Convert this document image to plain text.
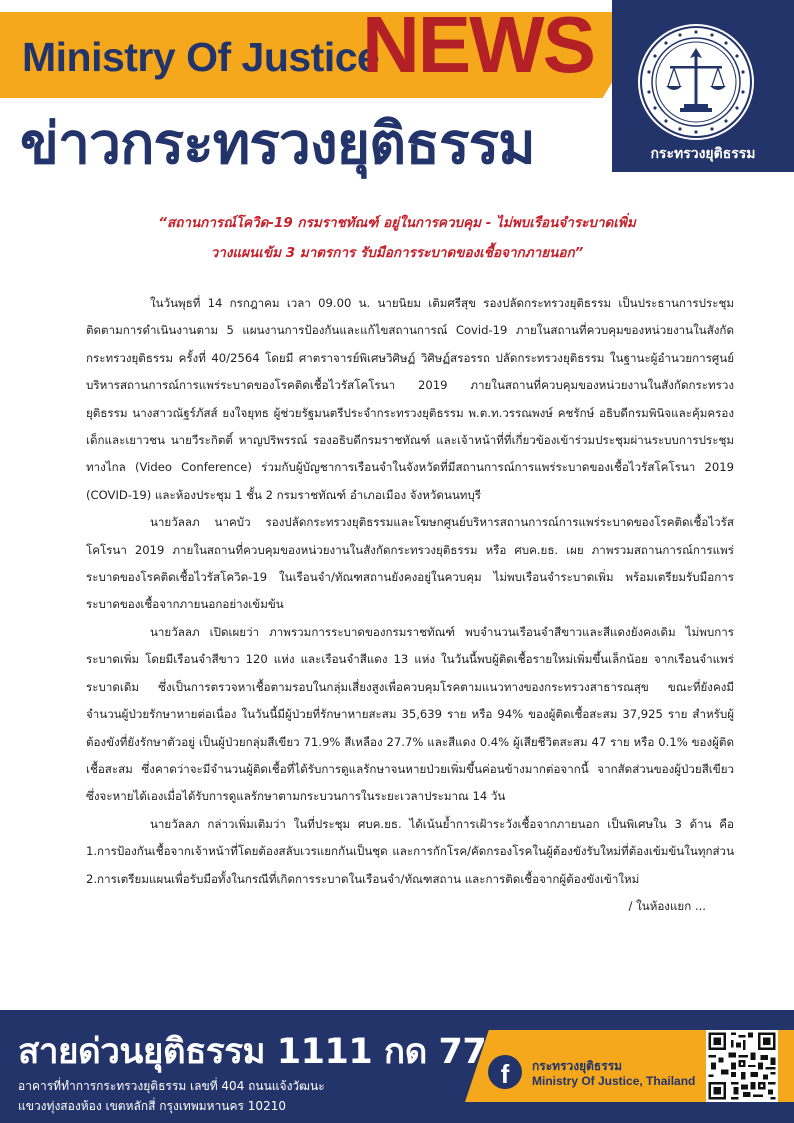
Ministry Of Justice
NEWS
ข่าวกระทรวงยุติธรรม	กระทรวงยุติธรรม
“สถานการณ์โควิด-19 กรมราชทัณฑ์ อยู่ในการควบคุม - ไม่พบเรือนจำระบาดเพิ่ม
วางแผนเข้ม 3 มาตรการ รับมือการระบาดของเชื้อจากภายนอก”

ในวันพุธที่ 14 กรกฎาคม เวลา 09.00 น. นายนิยม เติมศรีสุข รองปลัดกระทรวงยุติธรรม เป็นประธานการประชุมติดตามการดำเนินงานตาม 5 แผนงานการป้องกันและแก้ไขสถานการณ์ Covid-19 ภายในสถานที่ควบคุมของหน่วยงานในสังกัดกระทรวงยุติธรรม ครั้งที่ 40/2564 โดยมี ศาตราจารย์พิเศษวิศิษฏ์ วิศิษฏ์สรอรรถ ปลัดกระทรวงยุติธรรม ในฐานะผู้อำนวยการศูนย์บริหารสถานการณ์การแพร่ระบาดของโรคติดเชื้อไวรัสโคโรนา 2019 ภายในสถานที่ควบคุมของหน่วยงานในสังกัดกระทรวงยุติธรรม นางสาวณัฐร์ภัสส์ ยงใจยุทธ ผู้ช่วยรัฐมนตรีประจำกระทรวงยุติธรรม พ.ต.ท.วรรณพงษ์ คชรักษ์ อธิบดีกรมพินิจและคุ้มครองเด็กและเยาวชน นายวีระกิตติ์ หาญปริพรรณ์ รองอธิบดีกรมราชทัณฑ์ และเจ้าหน้าที่ที่เกี่ยวข้องเข้าร่วมประชุมผ่านระบบการประชุมทางไกล (Video Conference) ร่วมกับผู้บัญชาการเรือนจำในจังหวัดที่มีสถานการณ์การแพร่ระบาดของเชื้อไวรัสโคโรนา 2019 (COVID-19) และห้องประชุม 1 ชั้น 2 กรมราชทัณฑ์ อำเภอเมือง จังหวัดนนทบุรี

นายวัลลภ นาคบัว รองปลัดกระทรวงยุติธรรมและโฆษกศูนย์บริหารสถานการณ์การแพร่ระบาดของโรคติดเชื้อไวรัสโคโรนา 2019 ภายในสถานที่ควบคุมของหน่วยงานในสังกัดกระทรวงยุติธรรม หรือ ศบค.ยธ. เผย ภาพรวมสถานการณ์การแพร่ระบาดของโรคติดเชื้อไวรัสโควิด-19 ในเรือนจำ/ทัณฑสถานยังคงอยู่ในควบคุม ไม่พบเรือนจำระบาดเพิ่ม พร้อมเตรียมรับมือการระบาดของเชื้อจากภายนอกอย่างเข้มข้น

นายวัลลภ เปิดเผยว่า ภาพรวมการระบาดของกรมราชทัณฑ์ พบจำนวนเรือนจำสีขาวและสีแดงยังคงเดิม ไม่พบการระบาดเพิ่ม โดยมีเรือนจำสีขาว 120 แห่ง และเรือนจำสีแดง 13 แห่ง ในวันนี้พบผู้ติดเชื้อรายใหม่เพิ่มขึ้นเล็กน้อย จากเรือนจำแพร่ระบาดเดิม ซึ่งเป็นการตรวจหาเชื้อตามรอบในกลุ่มเสี่ยงสูงเพื่อควบคุมโรคตามแนวทางของกระทรวงสาธารณสุข ขณะที่ยังคงมีจำนวนผู้ป่วยรักษาหายต่อเนื่อง ในวันนี้มีผู้ป่วยที่รักษาหายสะสม 35,639 ราย หรือ 94% ของผู้ติดเชื้อสะสม 37,925 ราย สำหรับผู้ต้องขังที่ยังรักษาตัวอยู่ เป็นผู้ป่วยกลุ่มสีเขียว 71.9% สีเหลือง 27.7% และสีแดง 0.4% ผู้เสียชีวิตสะสม 47 ราย หรือ 0.1% ของผู้ติดเชื้อสะสม ซึ่งคาดว่าจะมีจำนวนผู้ติดเชื้อที่ได้รับการดูแลรักษาจนหายป่วยเพิ่มขึ้นค่อนข้างมากต่อจากนี้ จากสัดส่วนของผู้ป่วยสีเขียวซึ่งจะหายได้เองเมื่อได้รับการดูแลรักษาตามกระบวนการในระยะเวลาประมาณ 14 วัน

นายวัลลภ กล่าวเพิ่มเติมว่า ในที่ประชุม ศบค.ยธ. ได้เน้นย้ำการเฝ้าระวังเชื้อจากภายนอก เป็นพิเศษใน 3 ด้าน คือ 1.การป้องกันเชื้อจากเจ้าหน้าที่โดยต้องสลับเวรแยกกันเป็นชุด และการกักโรค/คัดกรองโรคในผู้ต้องขังรับใหม่ที่ต้องเข้มข้นในทุกส่วน 2.การเตรียมแผนเพื่อรับมือทั้งในกรณีที่เกิดการระบาดในเรือนจำ/ทัณฑสถาน และการติดเชื้อจากผู้ต้องขังเข้าใหม่

/ ในห้องแยก ...

สายด่วนยุติธรรม 1111 กด 77
อาคารที่ทำการกระทรวงยุติธรรม เลขที่ 404 ถนนแจ้งวัฒนะ
แขวงทุ่งสองห้อง เขตหลักสี่ กรุงเทพมหานคร 10210
f	กระทรวงยุติธรรม
Ministry Of Justice, Thailand
